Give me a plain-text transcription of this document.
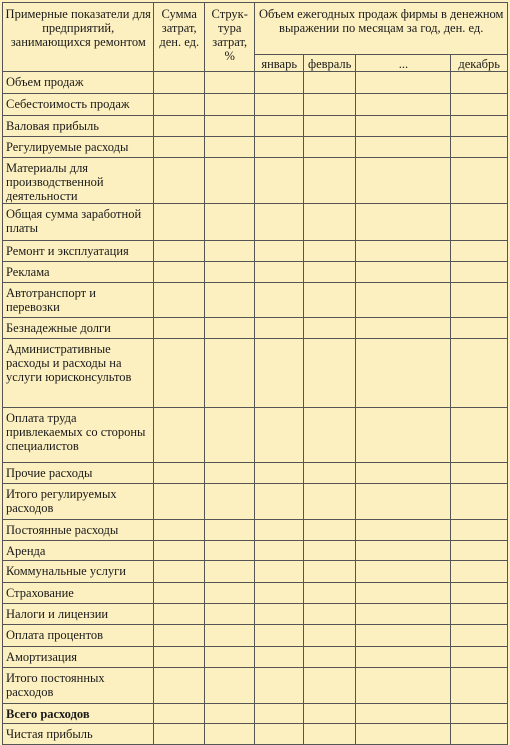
Примерные показатели для предприятий, занимающихся ремонтом	Сумма затрат, ден. ед.	Струк-тура затрат, %	Объем ежегодных продаж фирмы в денежном выражении по месяцам за год, ден. ед.			
			январь	февраль	...	декабрь
Объем продаж						
Себестоимость продаж						
Валовая прибыль						
Регулируемые расходы						
Материалы для производственной деятельности						
Общая сумма заработной платы						
Ремонт и эксплуатация						
Реклама						
Автотранспорт и перевозки						
Безнадежные долги						
Административные расходы и расходы на услуги юрисконсультов						
Оплата труда привлекаемых со стороны специалистов						
Прочие расходы						
Итого регулируемых расходов						
Постоянные расходы						
Аренда						
Коммунальные услуги						
Страхование						
Налоги и лицензии						
Оплата процентов						
Амортизация						
Итого постоянных расходов						
Всего расходов						
Чистая прибыль						
